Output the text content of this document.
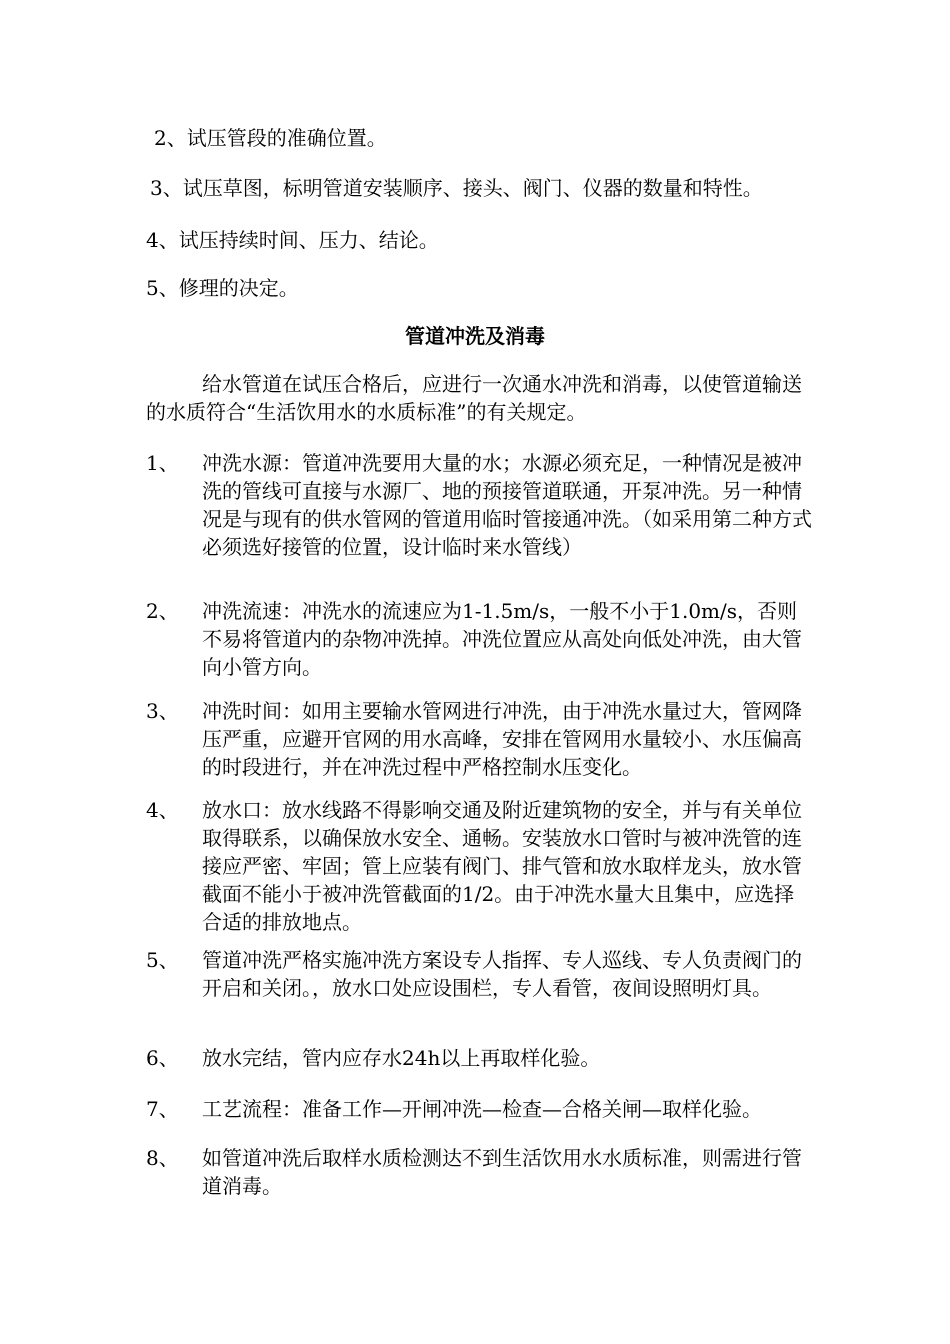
2、试压管段的准确位置。
3、试压草图，标明管道安装顺序、接头、阀门、仪器的数量和特性。
4、试压持续时间、压力、结论。
5、修理的决定。
管道冲洗及消毒
给水管道在试压合格后，应进行一次通水冲洗和消毒，以使管道输送的水质符合“生活饮用水的水质标准”的有关规定。
1、 冲洗水源：管道冲洗要用大量的水；水源必须充足，一种情况是被冲洗的管线可直接与水源厂、地的预接管道联通，开泵冲洗。另一种情况是与现有的供水管网的管道用临时管接通冲洗。（如采用第二种方式必须选好接管的位置，设计临时来水管线）
2、 冲洗流速：冲洗水的流速应为1-1.5m/s，一般不小于1.0m/s，否则不易将管道内的杂物冲洗掉。冲洗位置应从高处向低处冲洗，由大管向小管方向。
3、 冲洗时间：如用主要输水管网进行冲洗，由于冲洗水量过大，管网降压严重，应避开官网的用水高峰，安排在管网用水量较小、水压偏高的时段进行，并在冲洗过程中严格控制水压变化。
4、 放水口：放水线路不得影响交通及附近建筑物的安全，并与有关单位取得联系，以确保放水安全、通畅。安装放水口管时与被冲洗管的连接应严密、牢固；管上应装有阀门、排气管和放水取样龙头，放水管截面不能小于被冲洗管截面的1/2。由于冲洗水量大且集中，应选择合适的排放地点。
5、 管道冲洗严格实施冲洗方案设专人指挥、专人巡线、专人负责阀门的开启和关闭。，放水口处应设围栏，专人看管，夜间设照明灯具。
6、 放水完结，管内应存水24h以上再取样化验。
7、 工艺流程：准备工作—开闸冲洗—检查—合格关闸—取样化验。
8、 如管道冲洗后取样水质检测达不到生活饮用水水质标准，则需进行管道消毒。
